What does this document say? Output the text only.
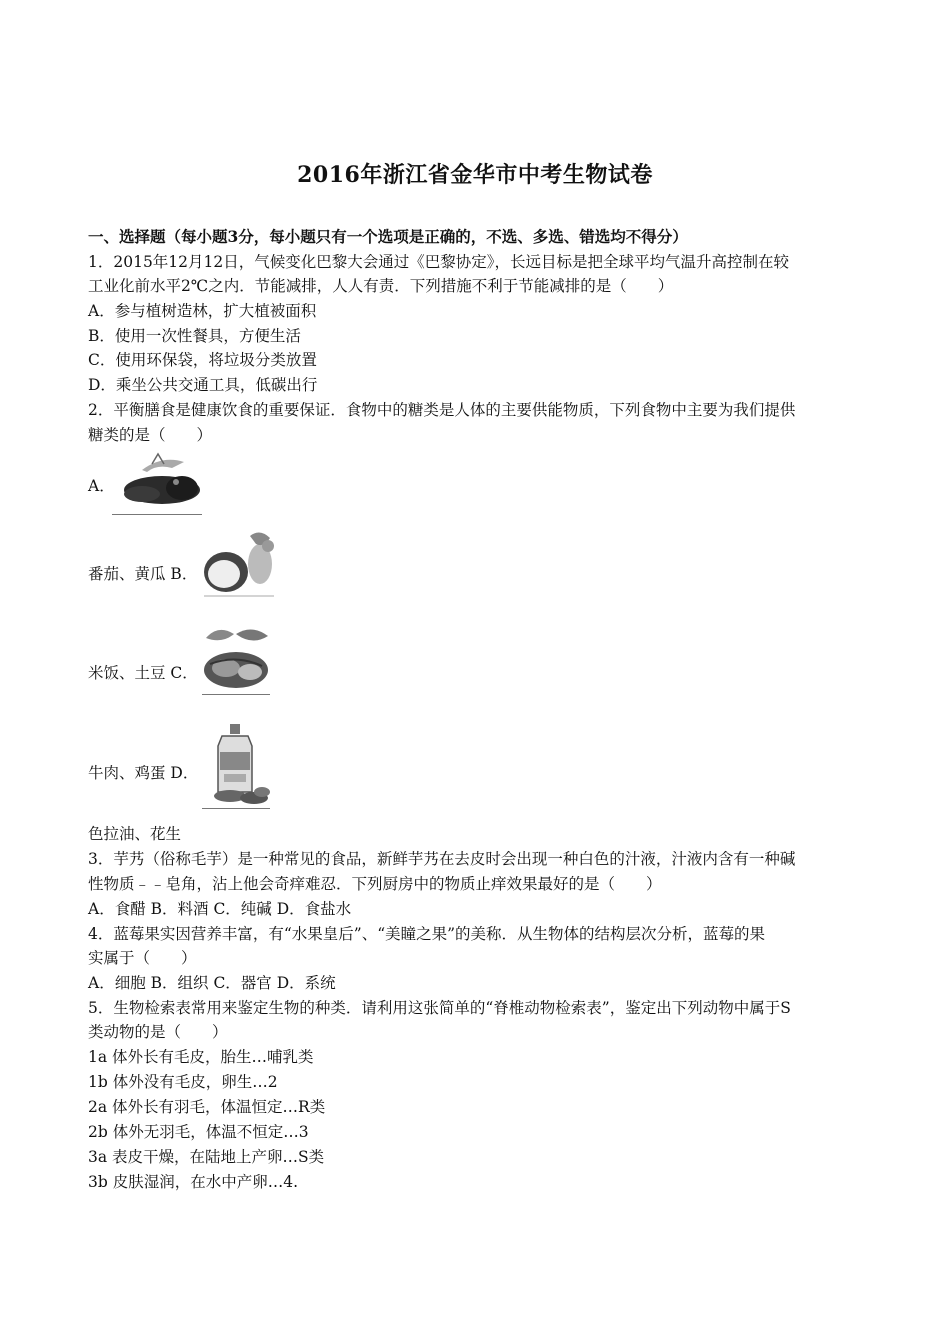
2016年浙江省金华市中考生物试卷
一、选择题（每小题3分，每小题只有一个选项是正确的，不选、多选、错选均不得分）
1．2015年12月12日，气候变化巴黎大会通过《巴黎协定》，长远目标是把全球平均气温升高控制在较
工业化前水平2℃之内．节能减排，人人有责．下列措施不利于节能减排的是（　　）
A．参与植树造林，扩大植被面积
B．使用一次性餐具，方便生活
C．使用环保袋，将垃圾分类放置
D．乘坐公共交通工具，低碳出行
2．平衡膳食是健康饮食的重要保证．食物中的糖类是人体的主要供能物质，下列食物中主要为我们提供
糖类的是（　　）
A．
番茄、黄瓜 B．
米饭、土豆 C．
牛肉、鸡蛋 D．
色拉油、花生
3．芋艿（俗称毛芋）是一种常见的食品，新鲜芋艿在去皮时会出现一种白色的汁液，汁液内含有一种碱
性物质﹣﹣皂角，沾上他会奇痒难忍．下列厨房中的物质止痒效果最好的是（　　）
A．食醋 B．料酒 C．纯碱 D．食盐水
4．蓝莓果实因营养丰富，有“水果皇后”、“美瞳之果”的美称．从生物体的结构层次分析，蓝莓的果
实属于（　　）
A．细胞 B．组织 C．器官 D．系统
5．生物检索表常用来鉴定生物的种类．请利用这张简单的“脊椎动物检索表”，鉴定出下列动物中属于S
类动物的是（　　）
1a 体外长有毛皮，胎生…哺乳类
1b 体外没有毛皮，卵生…2
2a 体外长有羽毛，体温恒定…R类
2b 体外无羽毛，体温不恒定…3
3a 表皮干燥，在陆地上产卵…S类
3b 皮肤湿润，在水中产卵…4.
